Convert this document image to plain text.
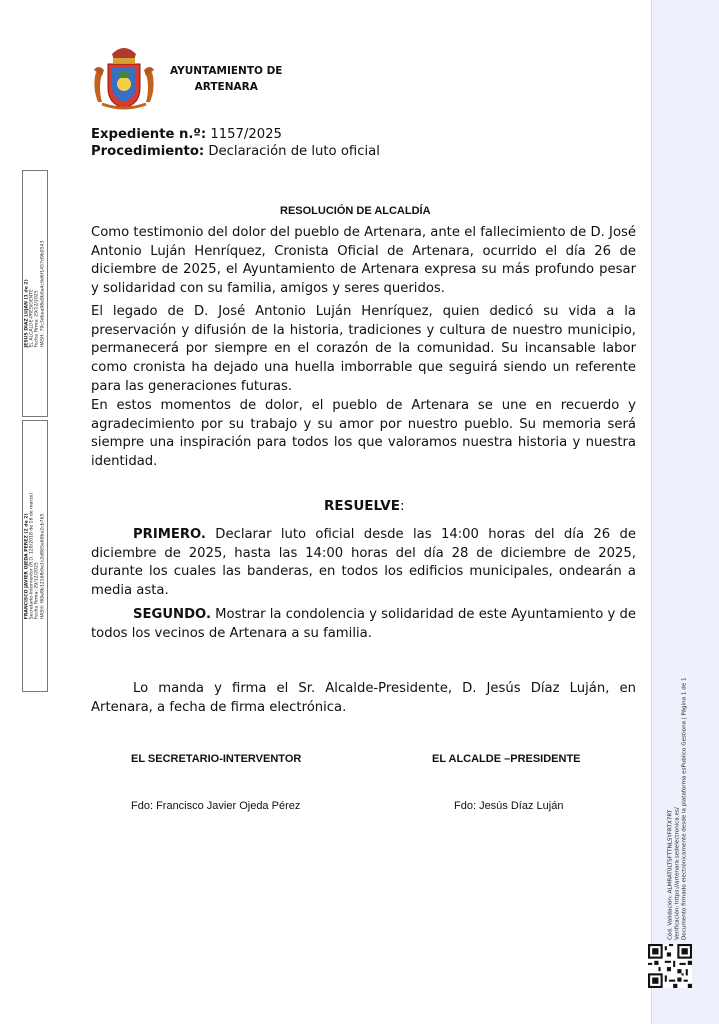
AYUNTAMIENTO DE
ARTENARA
JESUS DIAZ LUJAN (1 de 2) EL ALCALDE-PRESIDENTE Fecha Firma: 29/12/2025 HASH: 79c3dbea98e9b0a4c9d6f1457d9b0543
FRANCISCO JAVIER OJEDA PEREZ (2 de 2) Secretario-Interventor (R.D. 128/2018 de 16 de marzo) Fecha Firma: 29/12/2025 HASH: f69e8b1216fb9e3c2d865e60be2cb765
Expediente n.º: 1157/2025
Procedimiento: Declaración de luto oficial
RESOLUCIÓN DE ALCALDÍA
Como testimonio del dolor del pueblo de Artenara, ante el fallecimiento de D. José Antonio Luján Henríquez, Cronista Oficial de Artenara, ocurrido el día 26 de diciembre de 2025, el Ayuntamiento de Artenara expresa su más profundo pesar y solidaridad con su familia, amigos y seres queridos.
El legado de D. José Antonio Luján Henríquez, quien dedicó su vida a la preservación y difusión de la historia, tradiciones y cultura de nuestro municipio, permanecerá por siempre en el corazón de la comunidad. Su incansable labor como cronista ha dejado una huella imborrable que seguirá siendo un referente para las generaciones futuras.
En estos momentos de dolor, el pueblo de Artenara se une en recuerdo y agradecimiento por su trabajo y su amor por nuestro pueblo. Su memoria será siempre una inspiración para todos los que valoramos nuestra historia y nuestra identidad.
RESUELVE:
PRIMERO. Declarar luto oficial desde las 14:00 horas del día 26 de diciembre de 2025, hasta las 14:00 horas del día 28 de diciembre de 2025, durante los cuales las banderas, en todos los edificios municipales, ondearán a media asta.
SEGUNDO. Mostrar la condolencia y solidaridad de este Ayuntamiento y de todos los vecinos de Artenara a su familia.
Lo manda y firma el Sr. Alcalde-Presidente, D. Jesús Díaz Luján, en Artenara, a fecha de firma electrónica.
EL SECRETARIO-INTERVENTOR	EL ALCALDE –PRESIDENTE
Fdo: Francisco Javier Ojeda Pérez	Fdo: Jesús Díaz Luján
Cód. Validación: ALMRAT0LTSFTTNLSYFRTX7RT Verificación: https://artenara.sedelectronica.es/ Documento firmado electrónicamente desde la plataforma esPublico Gestiona | Página 1 de 1
